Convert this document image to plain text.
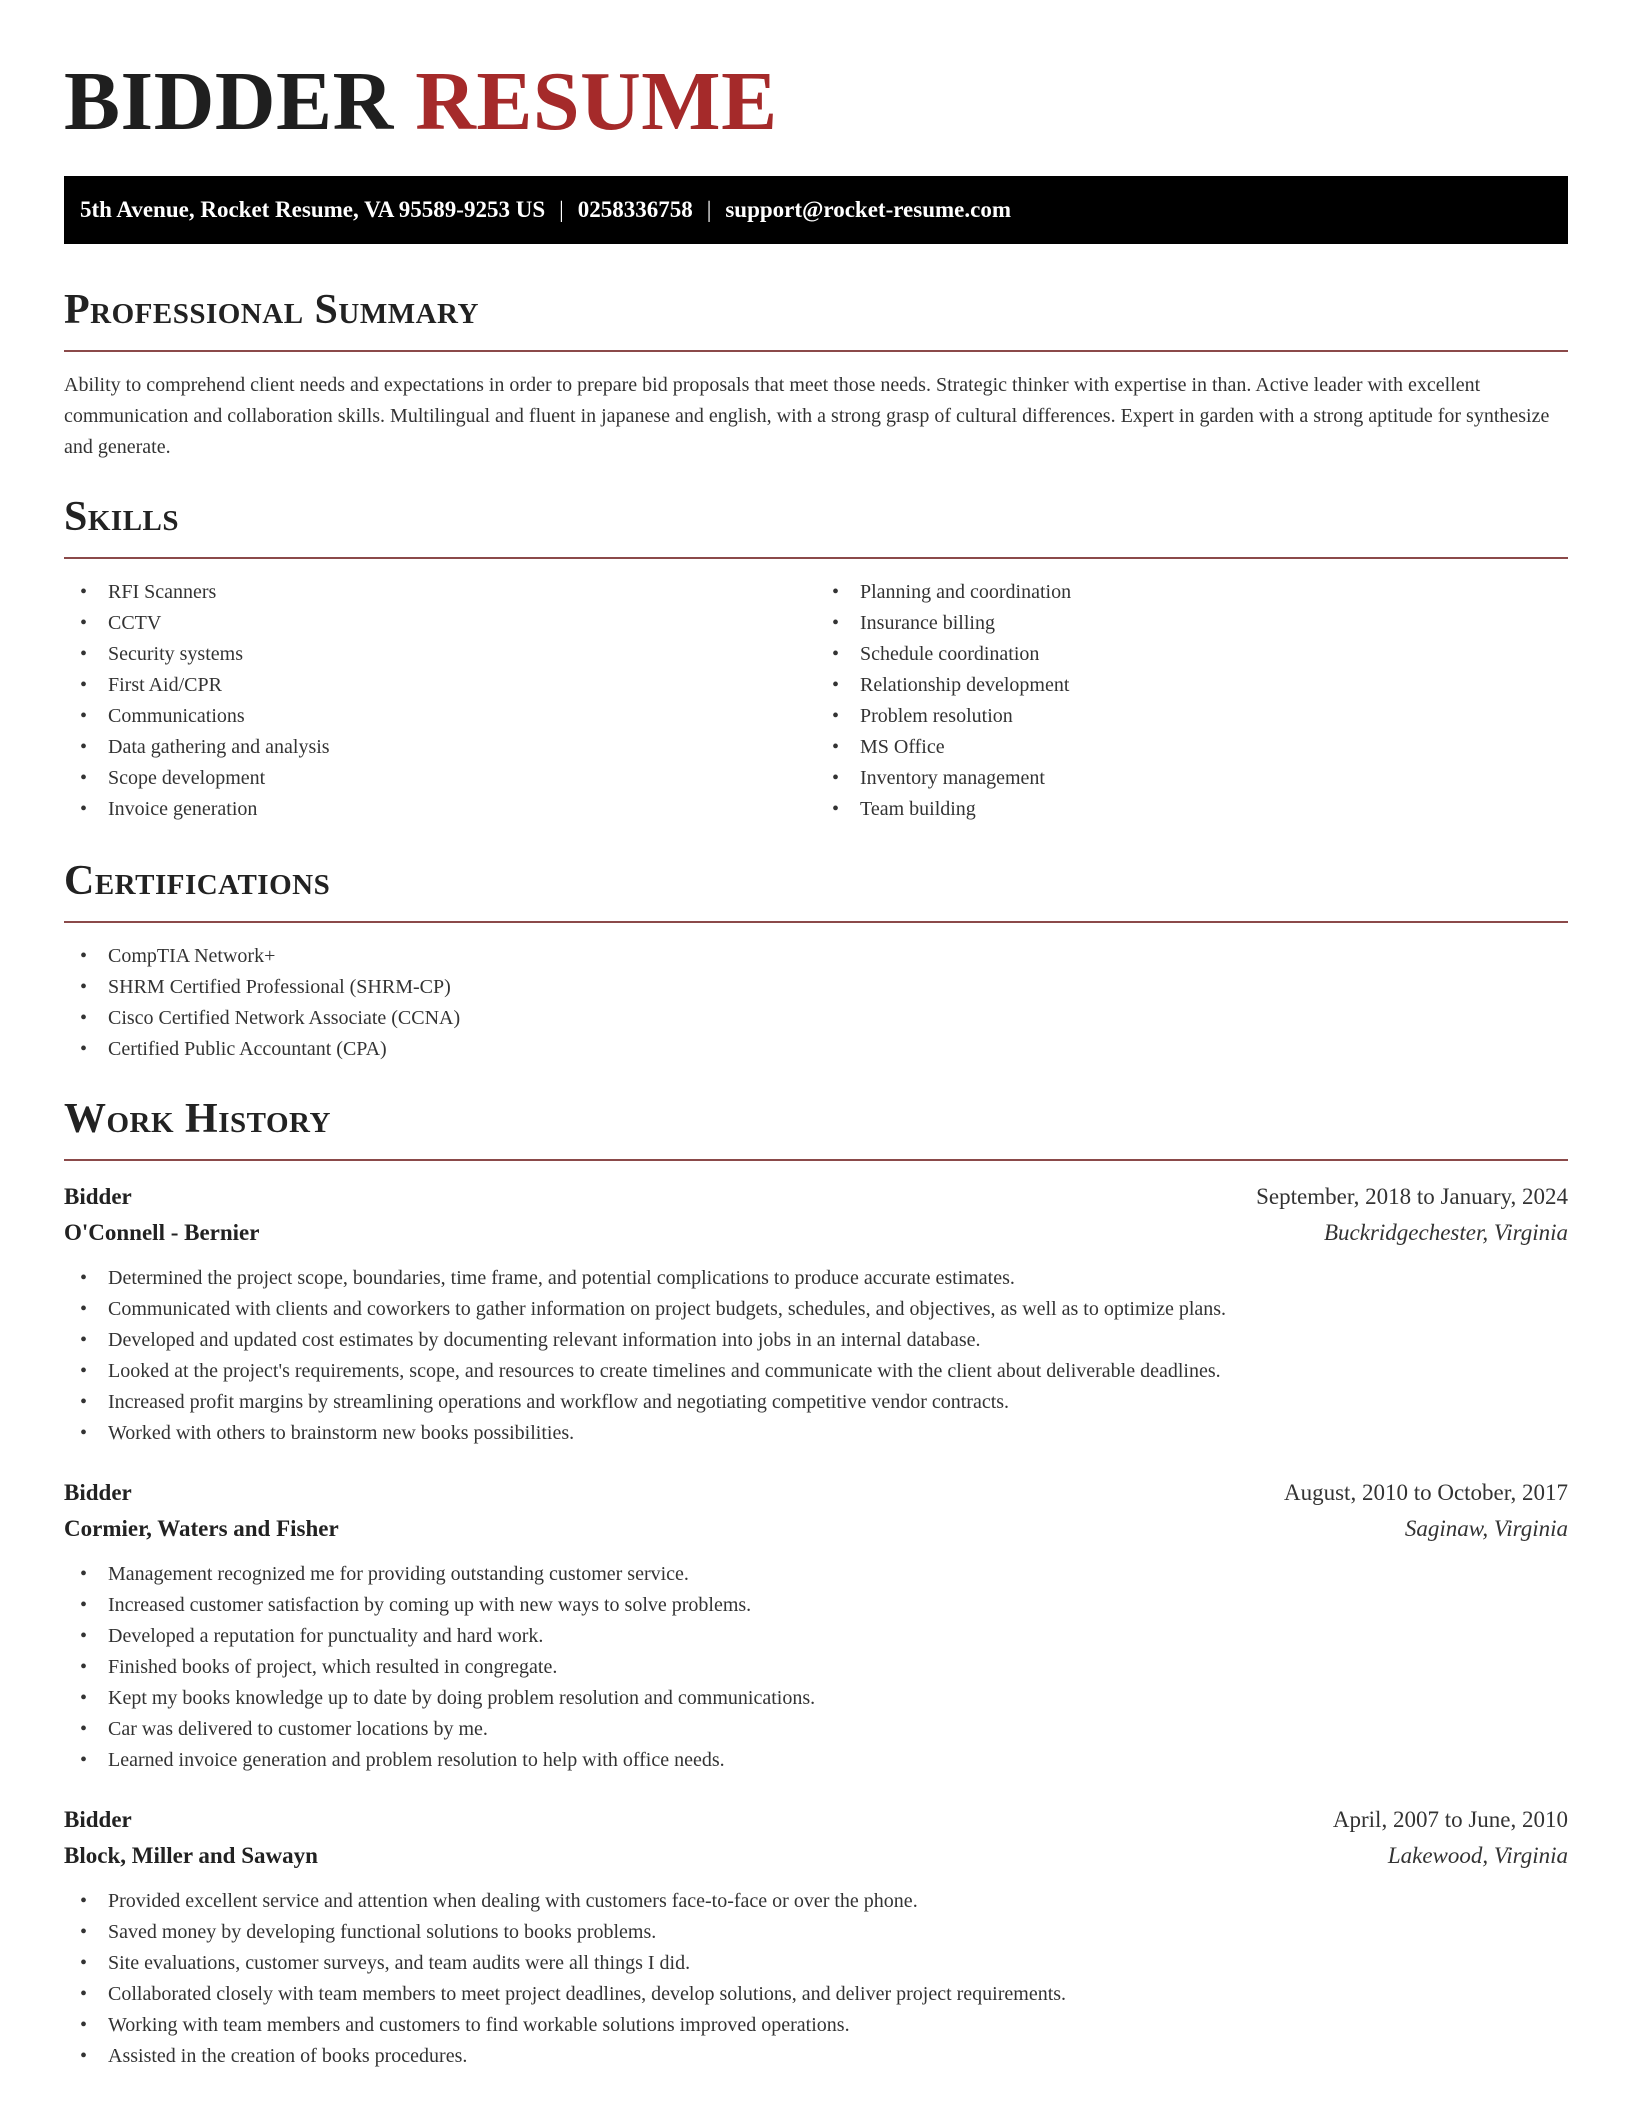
BIDDER RESUME
5th Avenue, Rocket Resume, VA 95589-9253 US | 0258336758 | support@rocket-resume.com
Professional Summary

Ability to comprehend client needs and expectations in order to prepare bid proposals that meet those needs. Strategic thinker with expertise in than. Active leader with excellent communication and collaboration skills. Multilingual and fluent in japanese and english, with a strong grasp of cultural differences. Expert in garden with a strong aptitude for synthesize and generate.

Skills
• RFI Scanners
• CCTV
• Security systems
• First Aid/CPR
• Communications
• Data gathering and analysis
• Scope development
• Invoice generation
• Planning and coordination
• Insurance billing
• Schedule coordination
• Relationship development
• Problem resolution
• MS Office
• Inventory management
• Team building
Certifications
• CompTIA Network+
• SHRM Certified Professional (SHRM-CP)
• Cisco Certified Network Associate (CCNA)
• Certified Public Accountant (CPA)
Work History
Bidder	September, 2018 to January, 2024
O'Connell - Bernier	Buckridgechester, Virginia
• Determined the project scope, boundaries, time frame, and potential complications to produce accurate estimates.
• Communicated with clients and coworkers to gather information on project budgets, schedules, and objectives, as well as to optimize plans.
• Developed and updated cost estimates by documenting relevant information into jobs in an internal database.
• Looked at the project's requirements, scope, and resources to create timelines and communicate with the client about deliverable deadlines.
• Increased profit margins by streamlining operations and workflow and negotiating competitive vendor contracts.
• Worked with others to brainstorm new books possibilities.
Bidder	August, 2010 to October, 2017
Cormier, Waters and Fisher	Saginaw, Virginia
• Management recognized me for providing outstanding customer service.
• Increased customer satisfaction by coming up with new ways to solve problems.
• Developed a reputation for punctuality and hard work.
• Finished books of project, which resulted in congregate.
• Kept my books knowledge up to date by doing problem resolution and communications.
• Car was delivered to customer locations by me.
• Learned invoice generation and problem resolution to help with office needs.
Bidder	April, 2007 to June, 2010
Block, Miller and Sawayn	Lakewood, Virginia
• Provided excellent service and attention when dealing with customers face-to-face or over the phone.
• Saved money by developing functional solutions to books problems.
• Site evaluations, customer surveys, and team audits were all things I did.
• Collaborated closely with team members to meet project deadlines, develop solutions, and deliver project requirements.
• Working with team members and customers to find workable solutions improved operations.
• Assisted in the creation of books procedures.
